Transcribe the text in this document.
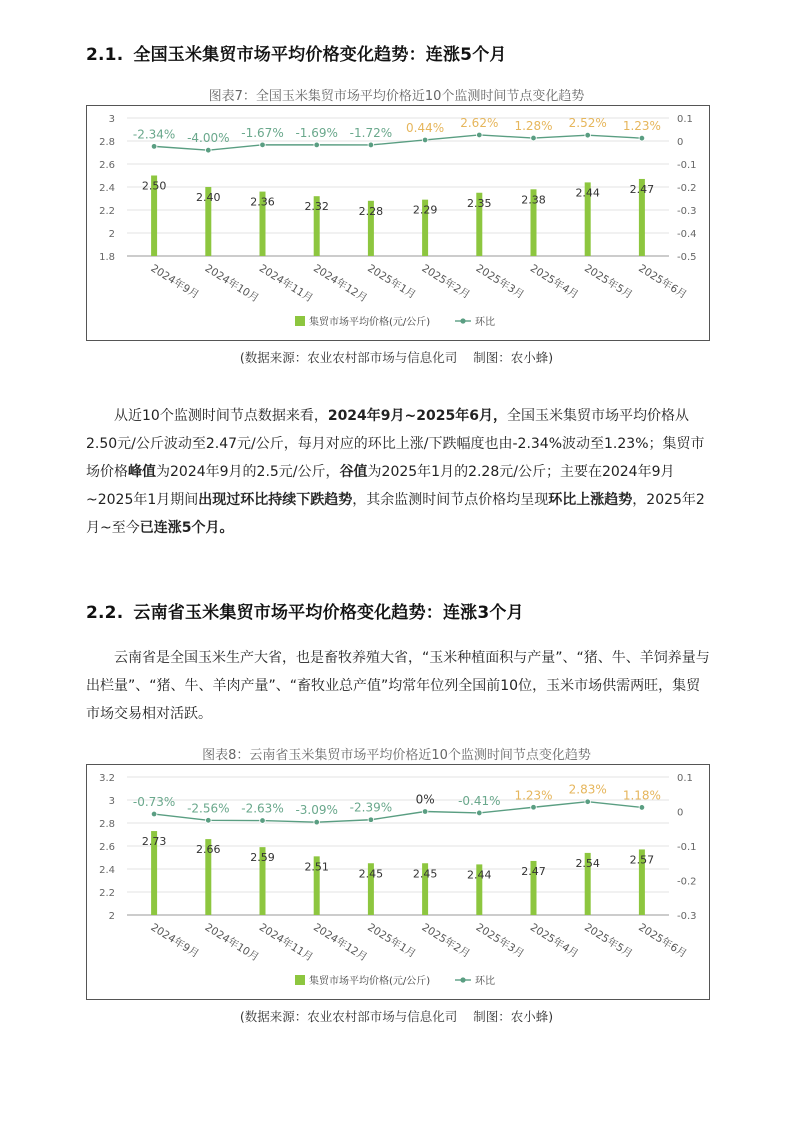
2.1. 全国玉米集贸市场平均价格变化趋势：连涨5个月
图表7：全国玉米集贸市场平均价格近10个监测时间节点变化趋势
1.8
2
2.2
2.4
2.6
2.8
3	0.1
0
-0.1
-0.2
-0.3
-0.4
-0.5
2.50
2.40	2.36	2.32	2.28	2.29
2.35	2.38
2.44	2.47
-2.34% -4.00% -1.67% -1.69% -1.72% 0.44% 2.62% 1.28% 2.52% 1.23%
2024年9月 2024年10月
2024年11月
2024年12月
2025年1月 2025年2月 2025年3月 2025年4月 2025年5月 2025年6月
集贸市场平均价格(元/公斤)	环比
(数据来源：农业农村部市场与信息化司 制图：农小蜂)

从近10个监测时间节点数据来看，2024年9月~2025年6月，全国玉米集贸市场平均价格从2.50元/公斤波动至2.47元/公斤，每月对应的环比上涨/下跌幅度也由-2.34%波动至1.23%；集贸市场价格峰值为2024年9月的2.5元/公斤，谷值为2025年1月的2.28元/公斤；主要在2024年9月~2025年1月期间出现过环比持续下跌趋势，其余监测时间节点价格均呈现环比上涨趋势，2025年2月~至今已连涨5个月。

2.2. 云南省玉米集贸市场平均价格变化趋势：连涨3个月

云南省是全国玉米生产大省，也是畜牧养殖大省，“玉米种植面积与产量”、“猪、牛、羊饲养量与出栏量”、“猪、牛、羊肉产量”、“畜牧业总产值”均常年位列全国前10位，玉米市场供需两旺，集贸市场交易相对活跃。

图表8：云南省玉米集贸市场平均价格近10个监测时间节点变化趋势
2
2.2
2.4
2.6
2.8
3
3.2	0.1
0
-0.1
-0.2
-0.3
2.73
2.66
2.59
2.51
2.45	2.45	2.44	2.47
2.54	2.57
-0.73% -2.56% -2.63% -3.09% -2.39%
0% -0.41% 1.23% 2.83% 1.18%
2024年9月 2024年10月
2024年11月
2024年12月
2025年1月 2025年2月 2025年3月 2025年4月 2025年5月 2025年6月
集贸市场平均价格(元/公斤)	环比
(数据来源：农业农村部市场与信息化司 制图：农小蜂)
